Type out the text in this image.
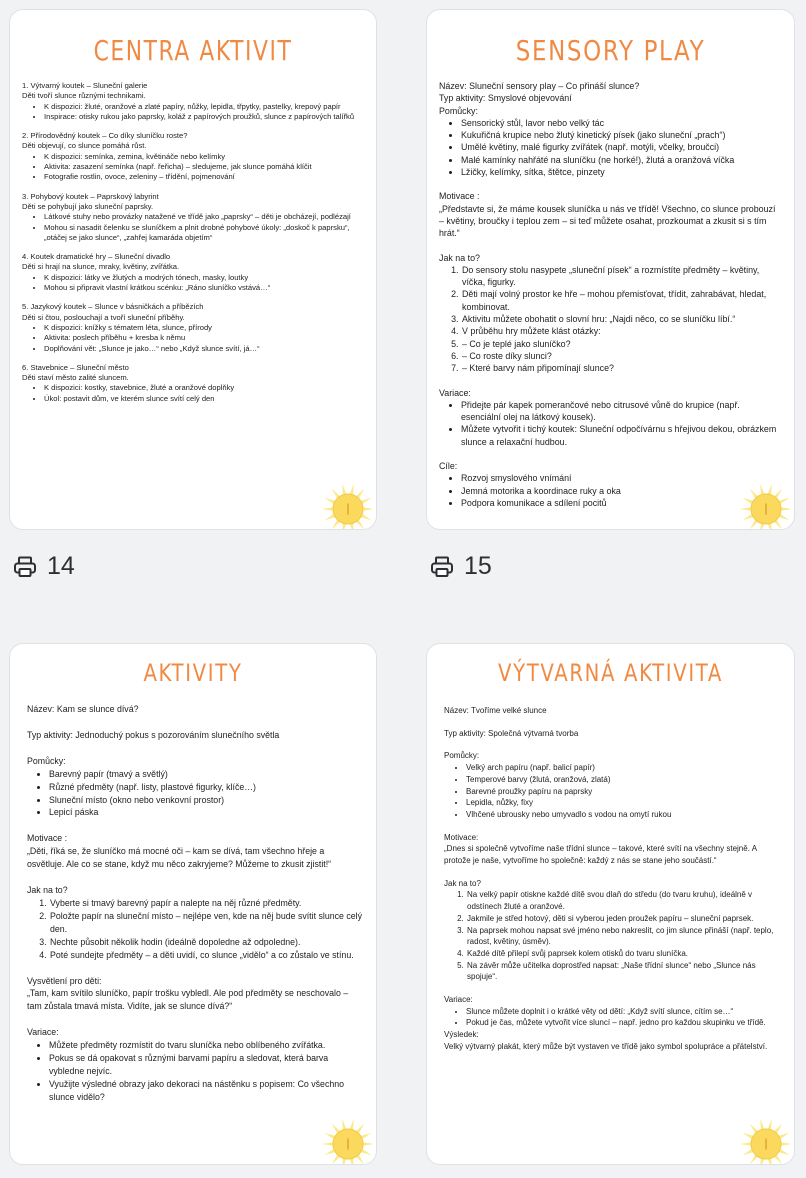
CENTRA AKTIVIT

1. Výtvarný koutek – Sluneční galerie

Děti tvoří slunce různými technikami.

• K dispozici: žluté, oranžové a zlaté papíry, nůžky, lepidla, třpytky, pastelky, krepový papír
• Inspirace: otisky rukou jako paprsky, koláž z papírových proužků, slunce z papírových talířků

2. Přírodovědný koutek – Co díky sluníčku roste?

Děti objevují, co slunce pomáhá růst.

• K dispozici: semínka, zemina, květináče nebo kelímky
• Aktivita: zasazení semínka (např. řeřicha) – sledujeme, jak slunce pomáhá klíčit
• Fotografie rostlin, ovoce, zeleniny – třídění, pojmenování

3. Pohybový koutek – Paprskový labyrint

Děti se pohybují jako sluneční paprsky.

• Látkové stuhy nebo provázky natažené ve třídě jako „paprsky“ – děti je obcházejí, podlézají
• Mohou si nasadit čelenku se sluníčkem a plnit drobné pohybové úkoly: „doskoč k paprsku“, „otáčej se jako slunce“, „zahřej kamaráda objetím“

4. Koutek dramatické hry – Sluneční divadlo

Děti si hrají na slunce, mraky, květiny, zvířátka.

• K dispozici: látky ve žlutých a modrých tónech, masky, loutky
• Mohou si připravit vlastní krátkou scénku: „Ráno sluníčko vstává…“

5. Jazykový koutek – Slunce v básničkách a příbězích

Děti si čtou, poslouchají a tvoří sluneční příběhy.

• K dispozici: knížky s tématem léta, slunce, přírody
• Aktivita: poslech příběhu + kresba k němu
• Doplňování vět: „Slunce je jako…“ nebo „Když slunce svítí, já…“

6. Stavebnice – Sluneční město

Děti staví město zalité sluncem.

• K dispozici: kostky, stavebnice, žluté a oranžové doplňky
• Úkol: postavit dům, ve kterém slunce svítí celý den
SENSORY PLAY

Název: Sluneční sensory play – Co přináší slunce?

Typ aktivity: Smyslové objevování

Pomůcky:

• Sensorický stůl, lavor nebo velký tác
• Kukuřičná krupice nebo žlutý kinetický písek (jako sluneční „prach“)
• Umělé květiny, malé figurky zvířátek (např. motýli, včelky, broučci)
• Malé kamínky nahřáté na sluníčku (ne horké!), žlutá a oranžová víčka
• Lžičky, kelímky, sítka, štětce, pinzety

Motivace :

„Představte si, že máme kousek sluníčka u nás ve třídě! Všechno, co slunce probouzí – květiny, broučky i teplou zem – si teď můžete osahat, prozkoumat a zkusit si s tím hrát.“

Jak na to?

1. Do sensory stolu nasypete „sluneční písek“ a rozmístíte předměty – květiny, víčka, figurky.
2. Děti mají volný prostor ke hře – mohou přemisťovat, třídit, zahrabávat, hledat, kombinovat.
3. Aktivitu můžete obohatit o slovní hru: „Najdi něco, co se sluníčku líbí.“
4. V průběhu hry můžete klást otázky:
5. – Co je teplé jako sluníčko?
6. – Co roste díky slunci?
7. – Které barvy nám připomínají slunce?

Variace:

• Přidejte pár kapek pomerančové nebo citrusové vůně do krupice (např. esenciální olej na látkový kousek).
• Můžete vytvořit i tichý koutek: Sluneční odpočívárnu s hřejivou dekou, obrázkem slunce a relaxační hudbou.

Cíle:

• Rozvoj smyslového vnímání
• Jemná motorika a koordinace ruky a oka
• Podpora komunikace a sdílení pocitů
14	15
AKTIVITY

Název: Kam se slunce dívá?

Typ aktivity: Jednoduchý pokus s pozorováním slunečního světla

Pomůcky:

• Barevný papír (tmavý a světlý)
• Různé předměty (např. listy, plastové figurky, klíče…)
• Sluneční místo (okno nebo venkovní prostor)
• Lepicí páska

Motivace :

„Děti, říká se, že sluníčko má mocné oči – kam se dívá, tam všechno hřeje a osvětluje. Ale co se stane, když mu něco zakryjeme? Můžeme to zkusit zjistit!“

Jak na to?

1. Vyberte si tmavý barevný papír a nalepte na něj různé předměty.
2. Položte papír na sluneční místo – nejlépe ven, kde na něj bude svítit slunce celý den.
3. Nechte působit několik hodin (ideálně dopoledne až odpoledne).
4. Poté sundejte předměty – a děti uvidí, co slunce „vidělo“ a co zůstalo ve stínu.

Vysvětlení pro děti:

„Tam, kam svítilo sluníčko, papír trošku vybledl. Ale pod předměty se neschovalo – tam zůstala tmavá místa. Vidíte, jak se slunce dívá?“

Variace:

• Můžete předměty rozmístit do tvaru sluníčka nebo oblíbeného zvířátka.
• Pokus se dá opakovat s různými barvami papíru a sledovat, která barva vybledne nejvíc.
• Využijte výsledné obrazy jako dekoraci na nástěnku s popisem: Co všechno slunce vidělo?
VÝTVARNÁ AKTIVITA

Název: Tvoříme velké slunce

Typ aktivity: Společná výtvarná tvorba

Pomůcky:

• Velký arch papíru (např. balicí papír)
• Temperové barvy (žlutá, oranžová, zlatá)
• Barevné proužky papíru na paprsky
• Lepidla, nůžky, fixy
• Vlhčené ubrousky nebo umyvadlo s vodou na omytí rukou

Motivace:

„Dnes si společně vytvoříme naše třídní slunce – takové, které svítí na všechny stejně. A protože je naše, vytvoříme ho společně: každý z nás se stane jeho součástí.“

Jak na to?

1. Na velký papír otiskne každé dítě svou dlaň do středu (do tvaru kruhu), ideálně v odstínech žluté a oranžové.
2. Jakmile je střed hotový, děti si vyberou jeden proužek papíru – sluneční paprsek.
3. Na paprsek mohou napsat své jméno nebo nakreslit, co jim slunce přináší (např. teplo, radost, květiny, úsměv).
4. Každé dítě přilepí svůj paprsek kolem otisků do tvaru sluníčka.
5. Na závěr může učitelka doprostřed napsat: „Naše třídní slunce“ nebo „Slunce nás spojuje“.

Variace:

• Slunce můžete doplnit i o krátké věty od dětí: „Když svítí slunce, cítím se…“
• Pokud je čas, můžete vytvořit více sluncí – např. jedno pro každou skupinku ve třídě.

Výsledek:

Velký výtvarný plakát, který může být vystaven ve třídě jako symbol spolupráce a přátelství.
